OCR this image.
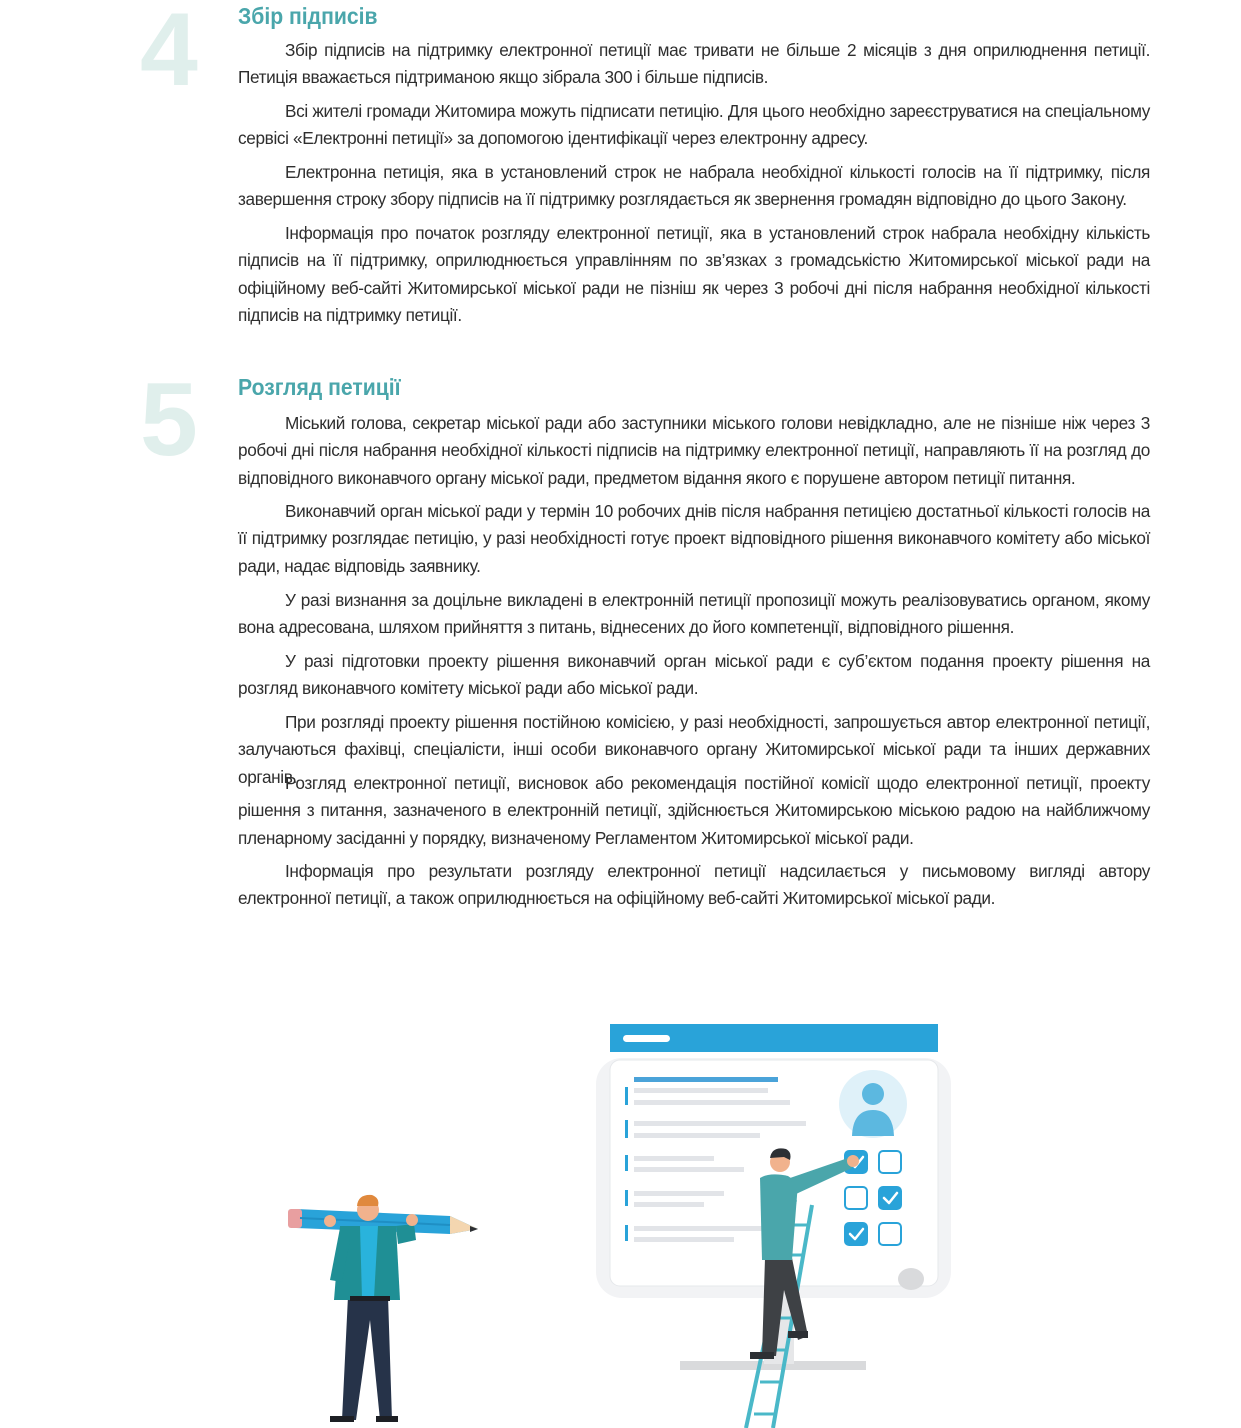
4	Збір підписів

Збір підписів на підтримку електронної петиції має тривати не більше 2 місяців з дня оприлюднення петиції. Петиція вважається підтриманою якщо зібрала 300 і більше підписів.

Всі жителі громади Житомира можуть підписати петицію. Для цього необхідно зареєструватися на спеціальному сервісі «Електронні петиції» за допомогою ідентифікації через електронну адресу.

Електронна петиція, яка в установлений строк не набрала необхідної кількості голосів на її підтримку, після завершення строку збору підписів на її підтримку розглядається як звернення громадян відповідно до цього Закону.

Інформація про початок розгляду електронної петиції, яка в установлений строк набрала необхідну кількість підписів на її підтримку, оприлюднюється управлінням по зв’язках з громадськістю Житомирської міської ради на офіційному веб-сайті Житомирської міської ради не пізніш як через 3 робочі дні після набрання необхідної кількості підписів на підтримку петиції.

5	Розгляд петиції

Міський голова, секретар міської ради або заступники міського голови невідкладно, але не пізніше ніж через 3 робочі дні після набрання необхідної кількості підписів на підтримку електронної петиції, направляють її на розгляд до відповідного виконавчого органу міської ради, предметом відання якого є порушене автором петиції питання.

Виконавчий орган міської ради у термін 10 робочих днів після набрання петицією достатньої кількості голосів на її підтримку розглядає петицію, у разі необхідності готує проект відповідного рішення виконавчого комітету або міської ради, надає відповідь заявнику.

У разі визнання за доцільне викладені в електронній петиції пропозиції можуть реалізовуватись органом, якому вона адресована, шляхом прийняття з питань, віднесених до його компетенції, відповідного рішення.

У разі підготовки проекту рішення виконавчий орган міської ради є суб’єктом подання проекту рішення на розгляд виконавчого комітету міської ради або міської ради.

При розгляді проекту рішення постійною комісією, у разі необхідності, запрошується автор електронної петиції, залучаються фахівці, спеціалісти, інші особи виконавчого органу Житомирської міської ради та інших державних органів.

Розгляд електронної петиції, висновок або рекомендація постійної комісії щодо електронної петиції, проекту рішення з питання, зазначеного в електронній петиції, здійснюється Житомирською міською радою на найближчому пленарному засіданні у порядку, визначеному Регламентом Житомирської міської ради.

Інформація про результати розгляду електронної петиції надсилається у письмовому вигляді автору електронної петиції, а також оприлюднюється на офіційному веб-сайті Житомирської міської ради.
